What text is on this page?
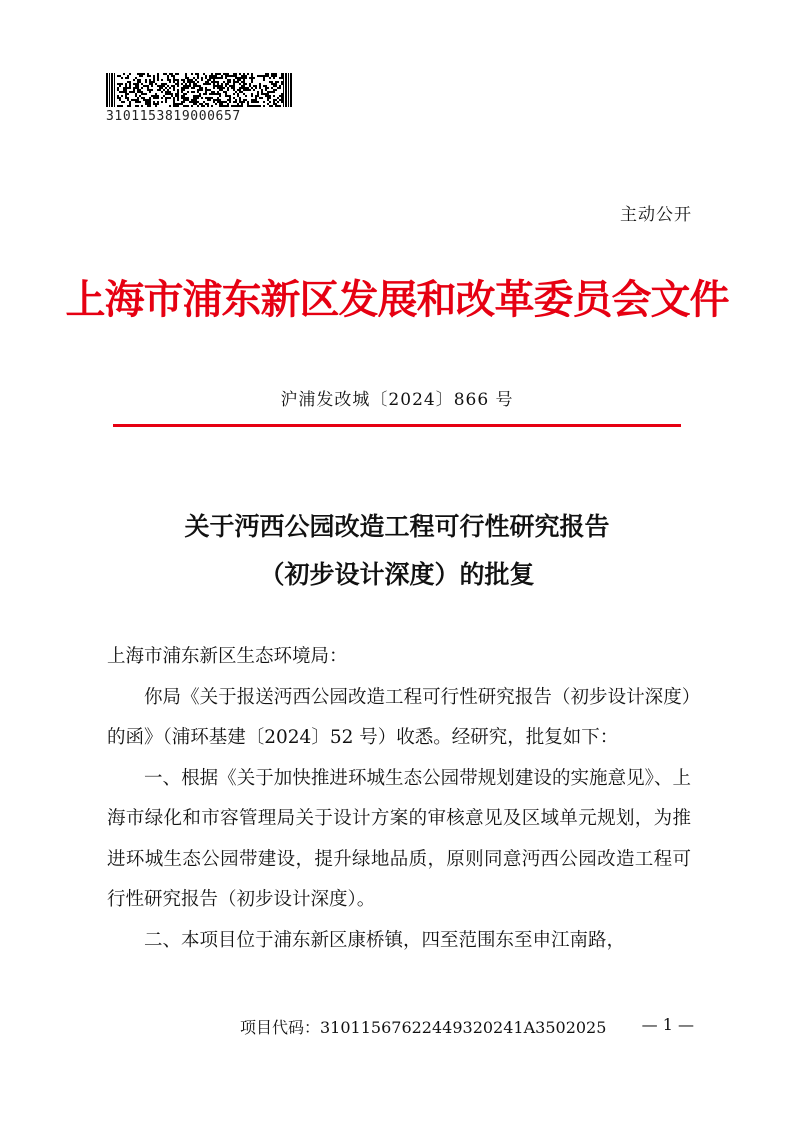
3101153819000657
主动公开
上海市浦东新区发展和改革委员会文件
沪浦发改城〔2024〕866 号
关于沔西公园改造工程可行性研究报告
（初步设计深度）的批复

上海市浦东新区生态环境局：

你局《关于报送沔西公园改造工程可行性研究报告（初步设计深度）的函》（浦环基建〔2024〕52 号）收悉。经研究，批复如下：

一、根据《关于加快推进环城生态公园带规划建设的实施意见》、上海市绿化和市容管理局关于设计方案的审核意见及区域单元规划，为推进环城生态公园带建设，提升绿地品质，原则同意沔西公园改造工程可行性研究报告（初步设计深度）。

二、本项目位于浦东新区康桥镇，四至范围东至申江南路，

项目代码：31011567622449320241A3502025 — 1 —
